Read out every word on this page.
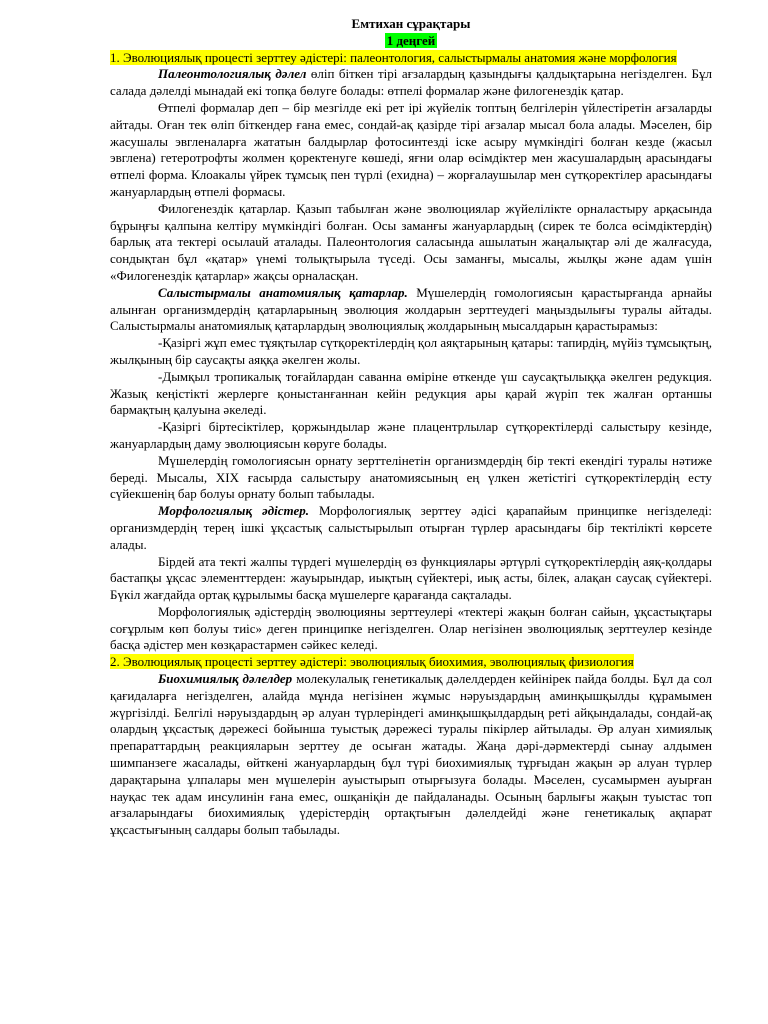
Емтихан сұрақтары

1 деңгей

1. Эволюциялық процесті зерттеу әдістері: палеонтология, салыстырмалы анатомия және морфология

Палеонтологиялық дәлел өліп біткен тірі ағзалардың қазындығы қалдықтарына негізделген. Бұл салада дәлелді мынадай екі топқа бөлуге болады: өтпелі формалар және филогенездік қатар.

Өтпелі формалар деп – бір мезгілде екі рет ірі жүйелік топтың белгілерін үйлестіретін ағзаларды айтады. Оған тек өліп біткендер ғана емес, сондай-ақ қазірде тірі ағзалар мысал бола алады. Мәселен, бір жасушалы эвгленаларға жататын балдырлар фотосинтезді іске асыру мүмкіндігі болған кезде (жасыл эвглена) гетеротрофты жолмен қоректенуге көшеді, яғни олар өсімдіктер мен жасушалардың арасындағы өтпелі форма. Клоакалы үйрек тұмсық пен түрлі (ехидна) – жорғалаушылар мен сүтқоректілер арасындағы жануарлардың өтпелі формасы.

Филогенездік қатарлар. Қазып табылған және эволюциялар жүйелілікте орналастыру арқасында бұрыңғы қалпына келтіру мүмкіндігі болған. Осы заманғы жануарлардың (сирек те болса өсімдіктердің) барлық ата тектері осылаuй аталады. Палеонтология саласында ашылатын жаңалықтар әлі де жалғасуда, сондықтан бұл «қатар» үнемі толықтырыла түседі. Осы заманғы, мысалы, жылқы және адам үшін «Филогенездік қатарлар» жақсы орналасқан.

Салыстырмалы анатомиялық қатарлар. Мүшелердің гомологиясын қарастырғанда арнайы алынған организмдердің қатарларының эволюция жолдарын зерттеудегі маңыздылығы туралы айтады. Салыстырмалы анатомиялық қатарлардың эволюциялық жолдарының мысалдарын қарастырамыз:

-Қазіргі жұп емес тұяқтылар сүтқоректілердің қол аяқтарының қатары: тапирдің, мүйіз тұмсықтың, жылқының бір саусақты аяққа әкелген жолы.

-Дымқыл тропикалық тоғайлардан саванна өміріне өткенде үш саусақтылыққа әкелген редукция. Жазық кеңістікті жерлерге қоныстанғаннан кейін редукция ары қарай жүріп тек жалған ортаншы бармақтың қалуына әкеледі.

-Қазіргі біртесіктілер, қоржындылар және плацентрлылар сүтқоректілерді салыстыру кезінде, жануарлардың даму эволюциясын көруге болады.

Мүшелердің гомологиясын орнату зерттелінетін организмдердің бір текті екендігі туралы нәтиже береді. Мысалы, XIX ғасырда салыстыру анатомиясының ең үлкен жетістігі сүтқоректілердің есту сүйекшенің бар болуы орнату болып табылады.

Морфологиялық әдістер. Морфологиялық зерттеу әдісі қарапайым принципке негізделеді: организмдердің терең ішкі ұқсастық салыстырылып отырған түрлер арасындағы бір тектілікті көрсете алады.

Бірдей ата текті жалпы түрдегі мүшелердің өз функциялары әртүрлі сүтқоректілердің аяқ-қолдары бастапқы ұқсас элементтерден: жауырындар, иықтың сүйектері, иық асты, білек, алақан саусақ сүйектері. Бүкіл жағдайда ортақ құрылымы басқа мүшелерге қарағанда сақталады.

Морфологиялық әдістердің эволюцияны зерттеулері «тектері жақын болған сайын, ұқсастықтары соғұрлым көп болуы тиіс» деген принципке негізделген. Олар негізінен эволюциялық зерттеулер кезінде басқа әдістер мен көзқарастармен сәйкес келеді.

2. Эволюциялық процесті зерттеу әдістері: эволюциялық биохимия, эволюциялық физиология

Биохимиялық дәлелдер молекулалық генетикалық дәлелдерден кейінірек пайда болды. Бұл да сол қағидаларға негізделген, алайда мұнда негізінен жұмыс нәруыздардың аминқышқылды құрамымен жүргізілді. Белгілі нәруыздардың әр алуан түрлеріндегі аминқышқылдардың реті айқындалады, сондай-ақ олардың ұқсастық дәрежесі бойынша туыстық дәрежесі туралы пікірлер айтылады. Әр алуан химиялық препараттардың реакцияларын зерттеу де осыған жатады. Жаңа дәрі-дәрмектерді сынау алдымен шимпанзеге жасалады, өйткені жануарлардың бұл түрі биохимиялық тұрғыдан жақын әр алуан түрлер дарақтарына ұлпалары мен мүшелерін ауыстырып отырғызуға болады. Мәселен, сусамырмен ауырған науқас тек адам инсулинін ғана емес, ошқаніқін де пайдаланады. Осының барлығы жақын туыстас топ ағзаларындағы биохимиялық үдерістердің ортақтығын дәлелдейді және генетикалық ақпарат ұқсастығының салдары болып табылады.
